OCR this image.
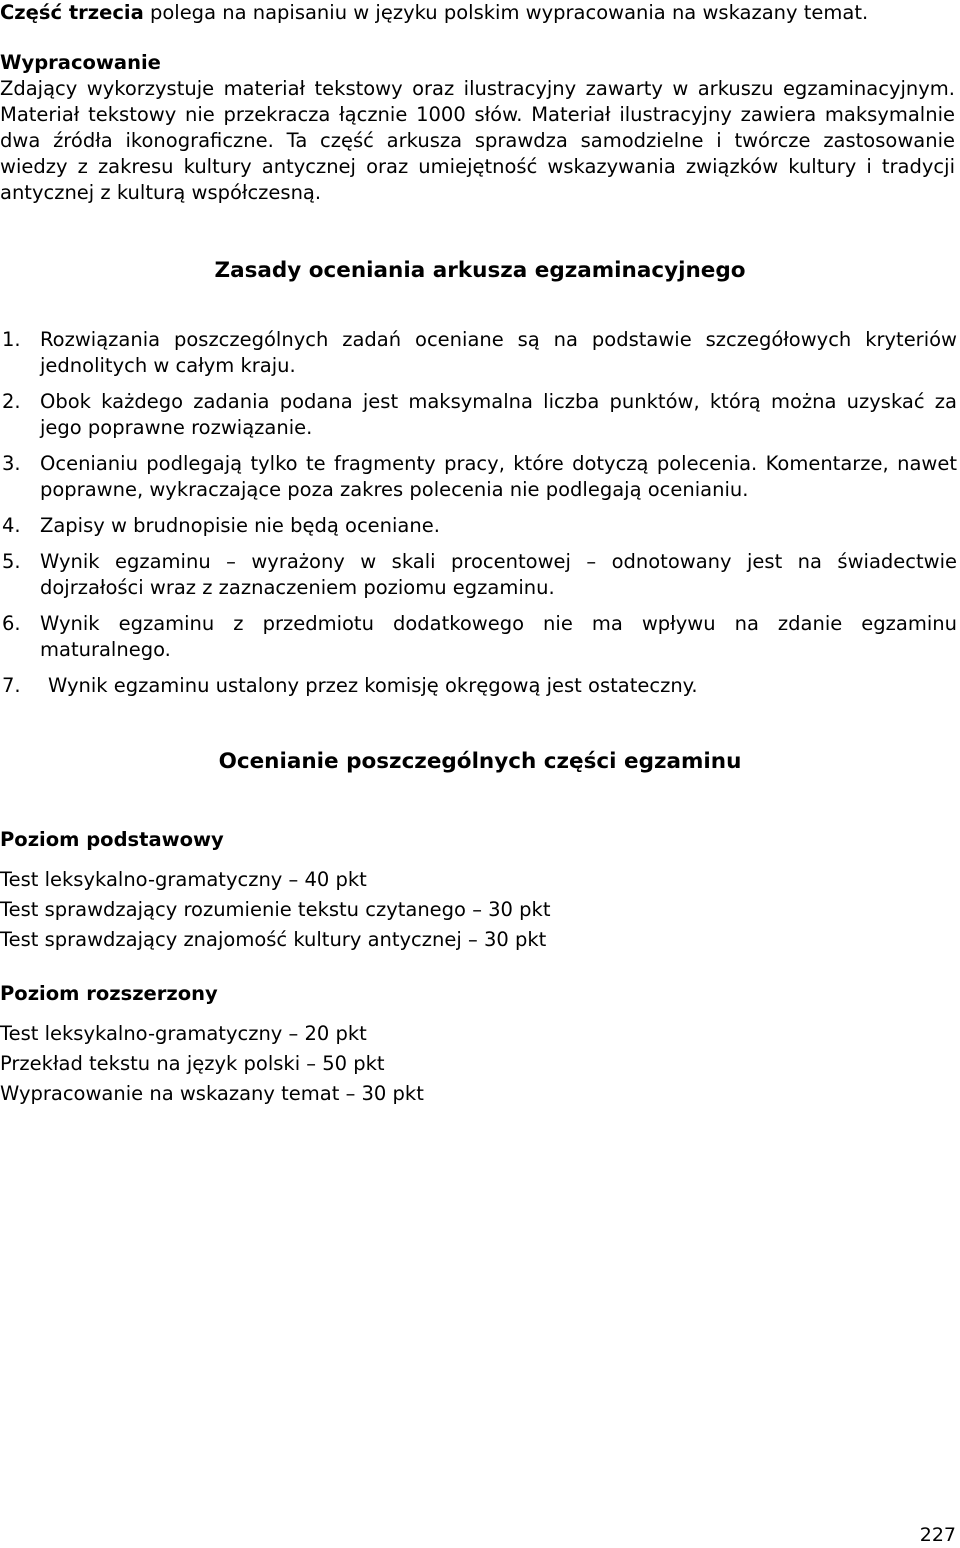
Część trzecia polega na napisaniu w języku polskim wypracowania na wskazany temat.

Wypracowanie

Zdający wykorzystuje materiał tekstowy oraz ilustracyjny zawarty w arkuszu egzaminacyjnym. Materiał tekstowy nie przekracza łącznie 1000 słów. Materiał ilustracyjny zawiera maksymalnie dwa źródła ikonograficzne. Ta część arkusza sprawdza samodzielne i twórcze zastosowanie wiedzy z zakresu kultury antycznej oraz umiejętność wskazywania związków kultury i tradycji antycznej z kulturą współczesną.

Zasady oceniania arkusza egzaminacyjnego
1. Rozwiązania poszczególnych zadań oceniane są na podstawie szczegółowych kryteriów jednolitych w całym kraju.
2. Obok każdego zadania podana jest maksymalna liczba punktów, którą można uzyskać za jego poprawne rozwiązanie.
3. Ocenianiu podlegają tylko te fragmenty pracy, które dotyczą polecenia. Komentarze, nawet poprawne, wykraczające poza zakres polecenia nie podlegają ocenianiu.
4. Zapisy w brudnopisie nie będą oceniane.
5. Wynik egzaminu – wyrażony w skali procentowej – odnotowany jest na świadectwie dojrzałości wraz z zaznaczeniem poziomu egzaminu.
6. Wynik egzaminu z przedmiotu dodatkowego nie ma wpływu na zdanie egzaminu maturalnego.
7. Wynik egzaminu ustalony przez komisję okręgową jest ostateczny.
Ocenianie poszczególnych części egzaminu
Poziom podstawowy
Test leksykalno-gramatyczny – 40 pkt
Test sprawdzający rozumienie tekstu czytanego – 30 pkt
Test sprawdzający znajomość kultury antycznej – 30 pkt
Poziom rozszerzony
Test leksykalno-gramatyczny – 20 pkt
Przekład tekstu na język polski – 50 pkt
Wypracowanie na wskazany temat – 30 pkt
227
